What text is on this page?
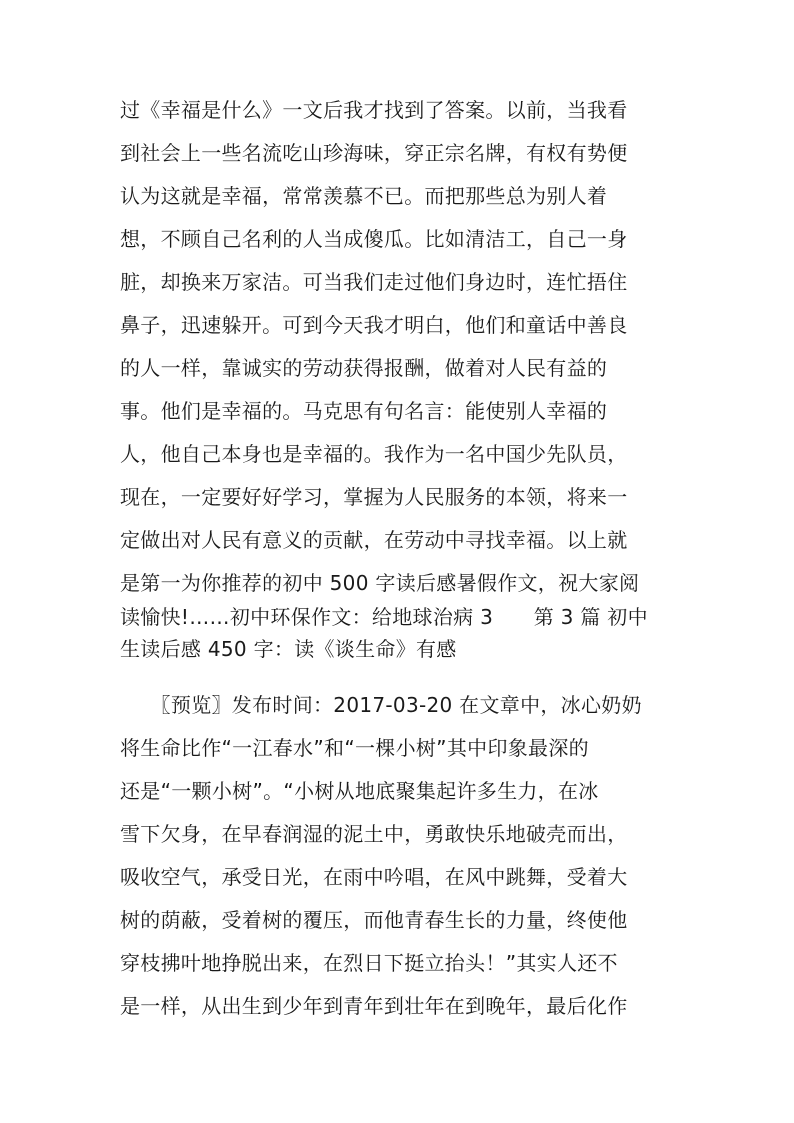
过《幸福是什么》一文后我才找到了答案。以前，当我看
到社会上一些名流吃山珍海味，穿正宗名牌，有权有势便
认为这就是幸福，常常羡慕不已。而把那些总为别人着
想，不顾自己名利的人当成傻瓜。比如清洁工，自己一身
脏，却换来万家洁。可当我们走过他们身边时，连忙捂住
鼻子，迅速躲开。可到今天我才明白，他们和童话中善良
的人一样，靠诚实的劳动获得报酬，做着对人民有益的
事。他们是幸福的。马克思有句名言：能使别人幸福的
人，他自己本身也是幸福的。我作为一名中国少先队员，
现在，一定要好好学习，掌握为人民服务的本领，将来一
定做出对人民有意义的贡献，在劳动中寻找幸福。以上就
是第一为你推荐的初中 500 字读后感暑假作文，祝大家阅
读愉快!……初中环保作文：给地球治病 3　　第 3 篇 初中
生读后感 450 字：读《谈生命》有感
　　〖预览〗发布时间：2017-03-20 在文章中，冰心奶奶
将生命比作“一江春水”和“一棵小树”其中印象最深的
还是“一颗小树”。“小树从地底聚集起许多生力，在冰
雪下欠身，在早春润湿的泥土中，勇敢快乐地破壳而出，
吸收空气，承受日光，在雨中吟唱，在风中跳舞，受着大
树的荫蔽，受着树的覆压，而他青春生长的力量，终使他
穿枝拂叶地挣脱出来，在烈日下挺立抬头！”其实人还不
是一样，从出生到少年到青年到壮年在到晚年，最后化作
